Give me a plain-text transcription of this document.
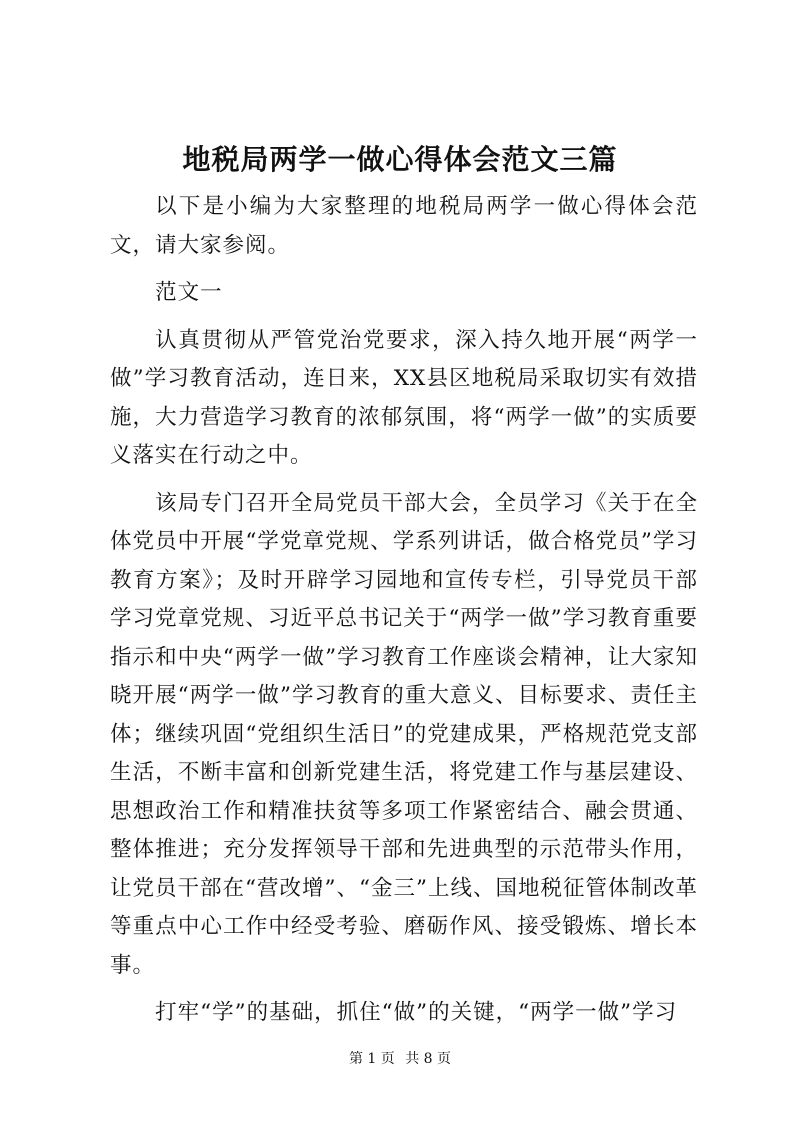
地税局两学一做心得体会范文三篇

以下是小编为大家整理的地税局两学一做心得体会范文，请大家参阅。

范文一

认真贯彻从严管党治党要求，深入持久地开展“两学一做”学习教育活动，连日来，XX县区地税局采取切实有效措施，大力营造学习教育的浓郁氛围，将“两学一做”的实质要义落实在行动之中。

该局专门召开全局党员干部大会，全员学习《关于在全体党员中开展“学党章党规、学系列讲话，做合格党员”学习教育方案》；及时开辟学习园地和宣传专栏，引导党员干部学习党章党规、习近平总书记关于“两学一做”学习教育重要指示和中央“两学一做”学习教育工作座谈会精神，让大家知晓开展“两学一做”学习教育的重大意义、目标要求、责任主体；继续巩固“党组织生活日”的党建成果，严格规范党支部生活，不断丰富和创新党建生活，将党建工作与基层建设、思想政治工作和精准扶贫等多项工作紧密结合、融会贯通、整体推进；充分发挥领导干部和先进典型的示范带头作用，让党员干部在“营改增”、“金三”上线、国地税征管体制改革等重点中心工作中经受考验、磨砺作风、接受锻炼、增长本事。

打牢“学”的基础，抓住“做”的关键，“两学一做”学习

第 1 页 共 8 页
